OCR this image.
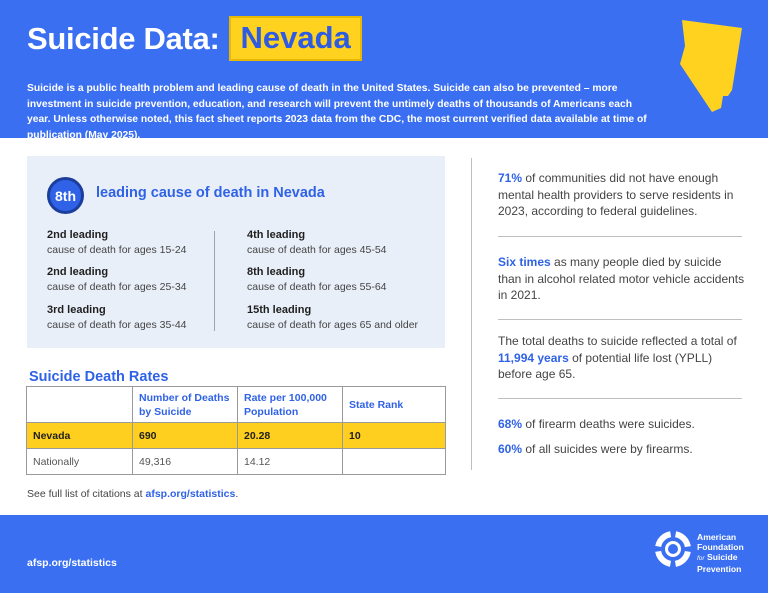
Suicide Data: Nevada
Suicide is a public health problem and leading cause of death in the United States. Suicide can also be prevented – more investment in suicide prevention, education, and research will prevent the untimely deaths of thousands of Americans each year. Unless otherwise noted, this fact sheet reports 2023 data from the CDC, the most current verified data available at time of publication (May 2025).
8th	leading cause of death in Nevada
2nd leading
cause of death for ages 15-24
2nd leading
cause of death for ages 25-34
3rd leading
cause of death for ages 35-44
4th leading
cause of death for ages 45-54
8th leading
cause of death for ages 55-64
15th leading
cause of death for ages 65 and older
Suicide Death Rates
	Number of Deaths by Suicide	Rate per 100,000 Population	State Rank
Nevada	690	20.28	10
Nationally	49,316	14.12	
See full list of citations at afsp.org/statistics.
71% of communities did not have enough mental health providers to serve residents in 2023, according to federal guidelines.
Six times as many people died by suicide than in alcohol related motor vehicle accidents in 2021.
The total deaths to suicide reflected a total of 11,994 years of potential life lost (YPLL) before age 65.
68% of firearm deaths were suicides.
60% of all suicides were by firearms.
afsp.org/statistics
American
Foundation
for Suicide
Prevention
